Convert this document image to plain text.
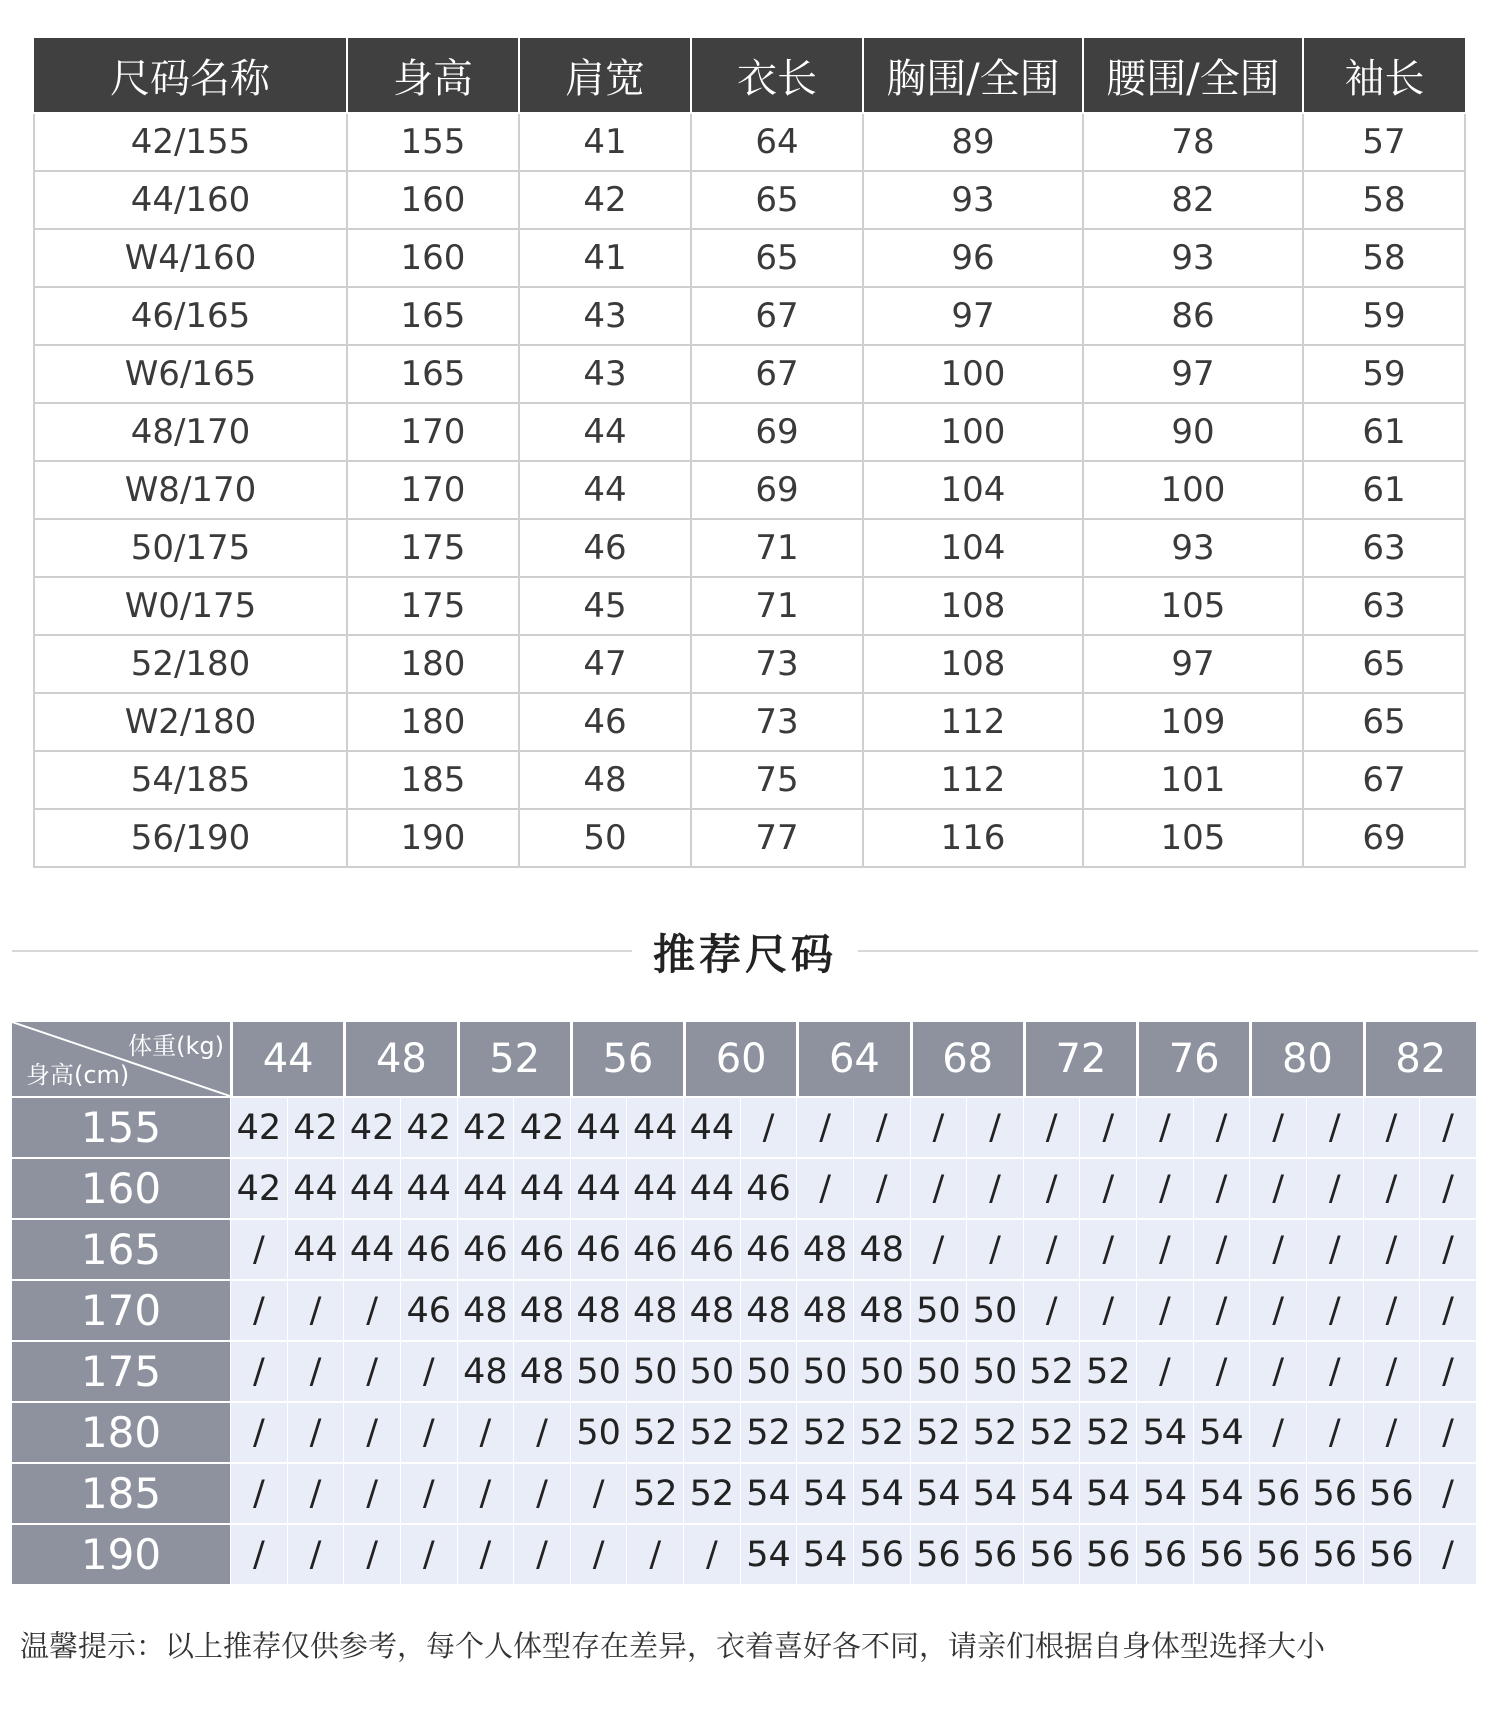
尺码名称	身高	肩宽	衣长	胸围/全围	腰围/全围	袖长
42/155	155	41	64	89	78	57
44/160	160	42	65	93	82	58
W4/160	160	41	65	96	93	58
46/165	165	43	67	97	86	59
W6/165	165	43	67	100	97	59
48/170	170	44	69	100	90	61
W8/170	170	44	69	104	100	61
50/175	175	46	71	104	93	63
W0/175	175	45	71	108	105	63
52/180	180	47	73	108	97	65
W2/180	180	46	73	112	109	65
54/185	185	48	75	112	101	67
56/190	190	50	77	116	105	69
推荐尺码
体重(kg)
身高(cm)	44		48		52		56		60		64		68		72		76		80		82	
155	42	42	42	42	42	42	44	44	44	/	/	/	/	/	/	/	/	/	/	/	/	/
160	42	44	44	44	44	44	44	44	44	46	/	/	/	/	/	/	/	/	/	/	/	/
165	/	44	44	46	46	46	46	46	46	46	48	48	/	/	/	/	/	/	/	/	/	/
170	/	/	/	46	48	48	48	48	48	48	48	48	50	50	/	/	/	/	/	/	/	/
175	/	/	/	/	48	48	50	50	50	50	50	50	50	50	52	52	/	/	/	/	/	/
180	/	/	/	/	/	/	50	52	52	52	52	52	52	52	52	52	54	54	/	/	/	/
185	/	/	/	/	/	/	/	52	52	54	54	54	54	54	54	54	54	54	56	56	56	/
190	/	/	/	/	/	/	/	/	/	54	54	56	56	56	56	56	56	56	56	56	56	/
温馨提示：以上推荐仅供参考，每个人体型存在差异，衣着喜好各不同，请亲们根据自身体型选择大小
